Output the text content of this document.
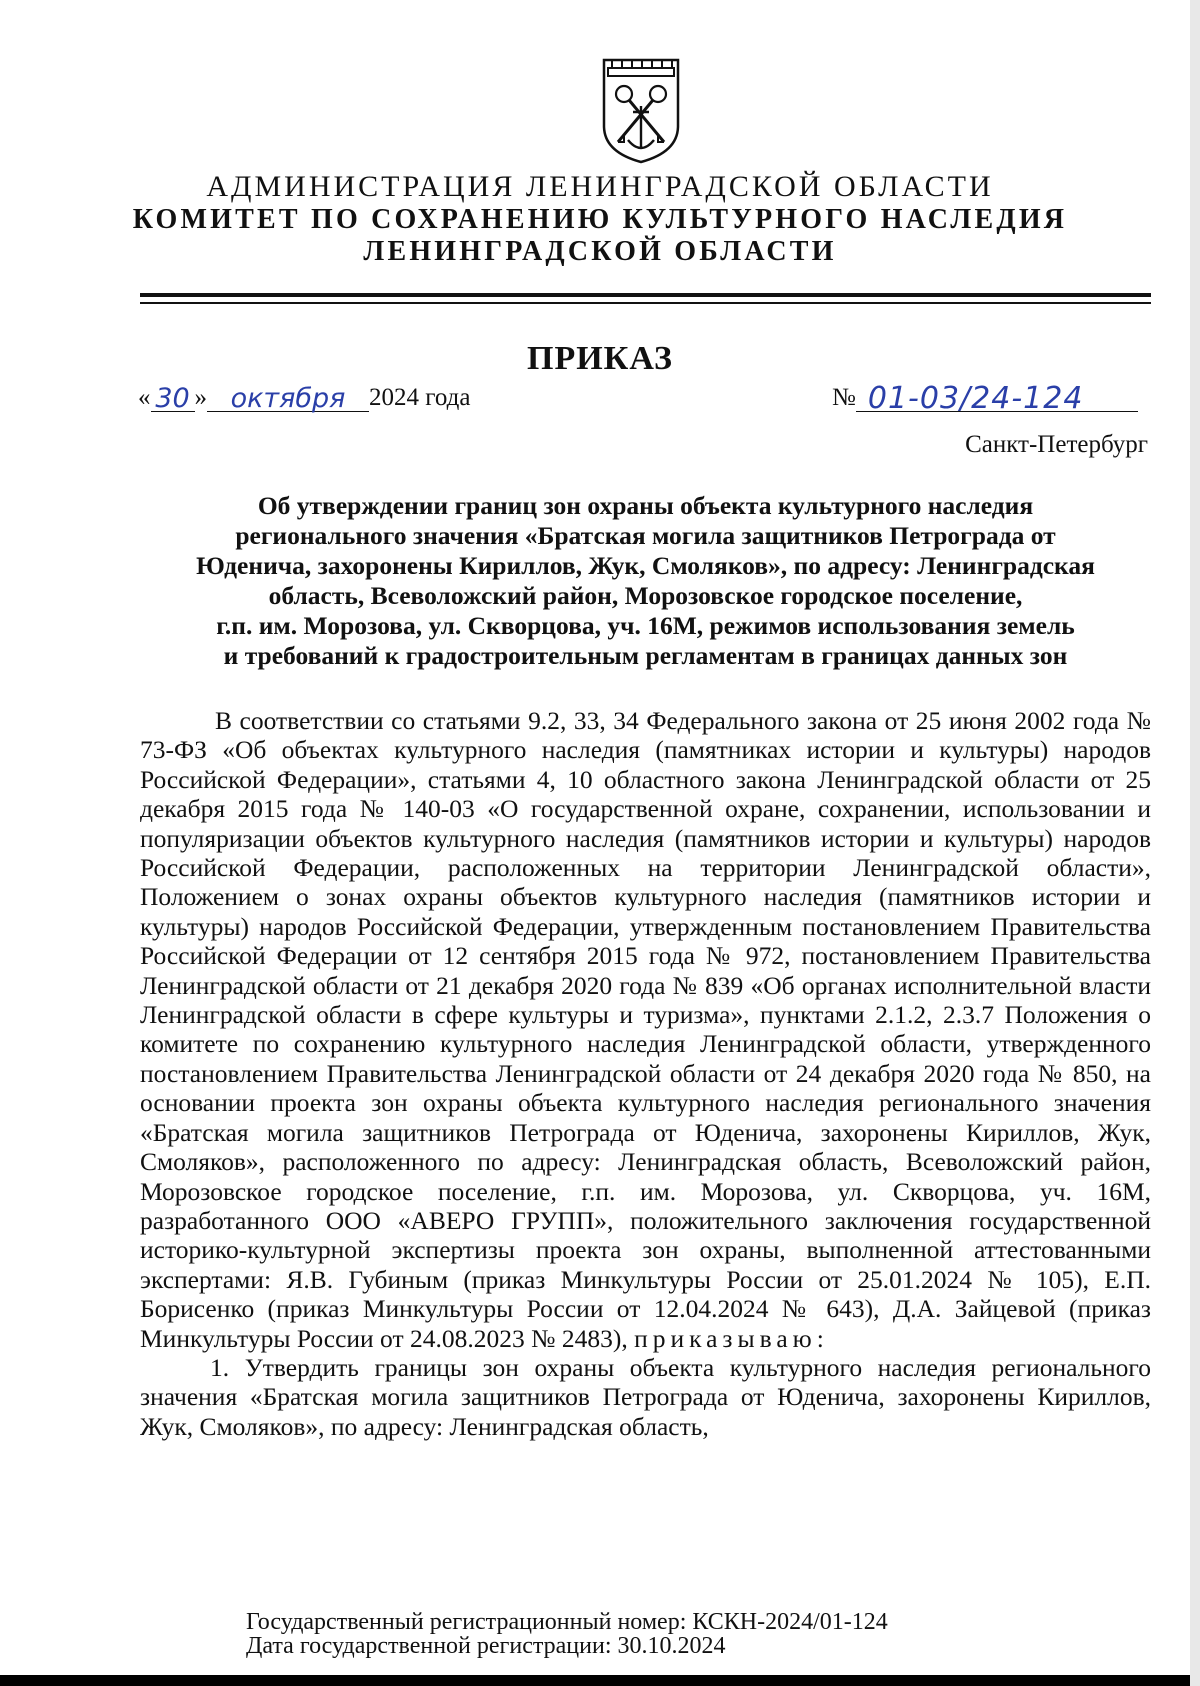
АДМИНИСТРАЦИЯ ЛЕНИНГРАДСКОЙ ОБЛАСТИ
КОМИТЕТ ПО СОХРАНЕНИЮ КУЛЬТУРНОГО НАСЛЕДИЯ
ЛЕНИНГРАДСКОЙ ОБЛАСТИ
ПРИКАЗ
« 30 » октября 2024 года	№ 01-03/24-124
Санкт-Петербург
Об утверждении границ зон охраны объекта культурного наследия
регионального значения «Братская могила защитников Петрограда от
Юденича, захоронены Кириллов, Жук, Смоляков», по адресу: Ленинградская
область, Всеволожский район, Морозовское городское поселение,
г.п. им. Морозова, ул. Скворцова, уч. 16М, режимов использования земель
и требований к градостроительным регламентам в границах данных зон

В соответствии со статьями 9.2, 33, 34 Федерального закона от 25 июня 2002 года № 73-ФЗ «Об объектах культурного наследия (памятниках истории и культуры) народов Российской Федерации», статьями 4, 10 областного закона Ленинградской области от 25 декабря 2015 года № 140-03 «О государственной охране, сохранении, использовании и популяризации объектов культурного наследия (памятников истории и культуры) народов Российской Федерации, расположенных на территории Ленинградской области», Положением о зонах охраны объектов культурного наследия (памятников истории и культуры) народов Российской Федерации, утвержденным постановлением Правительства Российской Федерации от 12 сентября 2015 года № 972, постановлением Правительства Ленинградской области от 21 декабря 2020 года № 839 «Об органах исполнительной власти Ленинградской области в сфере культуры и туризма», пунктами 2.1.2, 2.3.7 Положения о комитете по сохранению культурного наследия Ленинградской области, утвержденного постановлением Правительства Ленинградской области от 24 декабря 2020 года № 850, на основании проекта зон охраны объекта культурного наследия регионального значения «Братская могила защитников Петрограда от Юденича, захоронены Кириллов, Жук, Смоляков», расположенного по адресу: Ленинградская область, Всеволожский район, Морозовское городское поселение, г.п. им. Морозова, ул. Скворцова, уч. 16М, разработанного ООО «АВЕРО ГРУПП», положительного заключения государственной историко-культурной экспертизы проекта зон охраны, выполненной аттестованными экспертами: Я.В. Губиным (приказ Минкультуры России от 25.01.2024 № 105), Е.П. Борисенко (приказ Минкультуры России от 12.04.2024 № 643), Д.А. Зайцевой (приказ Минкультуры России от 24.08.2023 № 2483), приказываю:

1. Утвердить границы зон охраны объекта культурного наследия регионального значения «Братская могила защитников Петрограда от Юденича, захоронены Кириллов, Жук, Смоляков», по адресу: Ленинградская область,

Государственный регистрационный номер: КСКН-2024/01-124
Дата государственной регистрации: 30.10.2024
